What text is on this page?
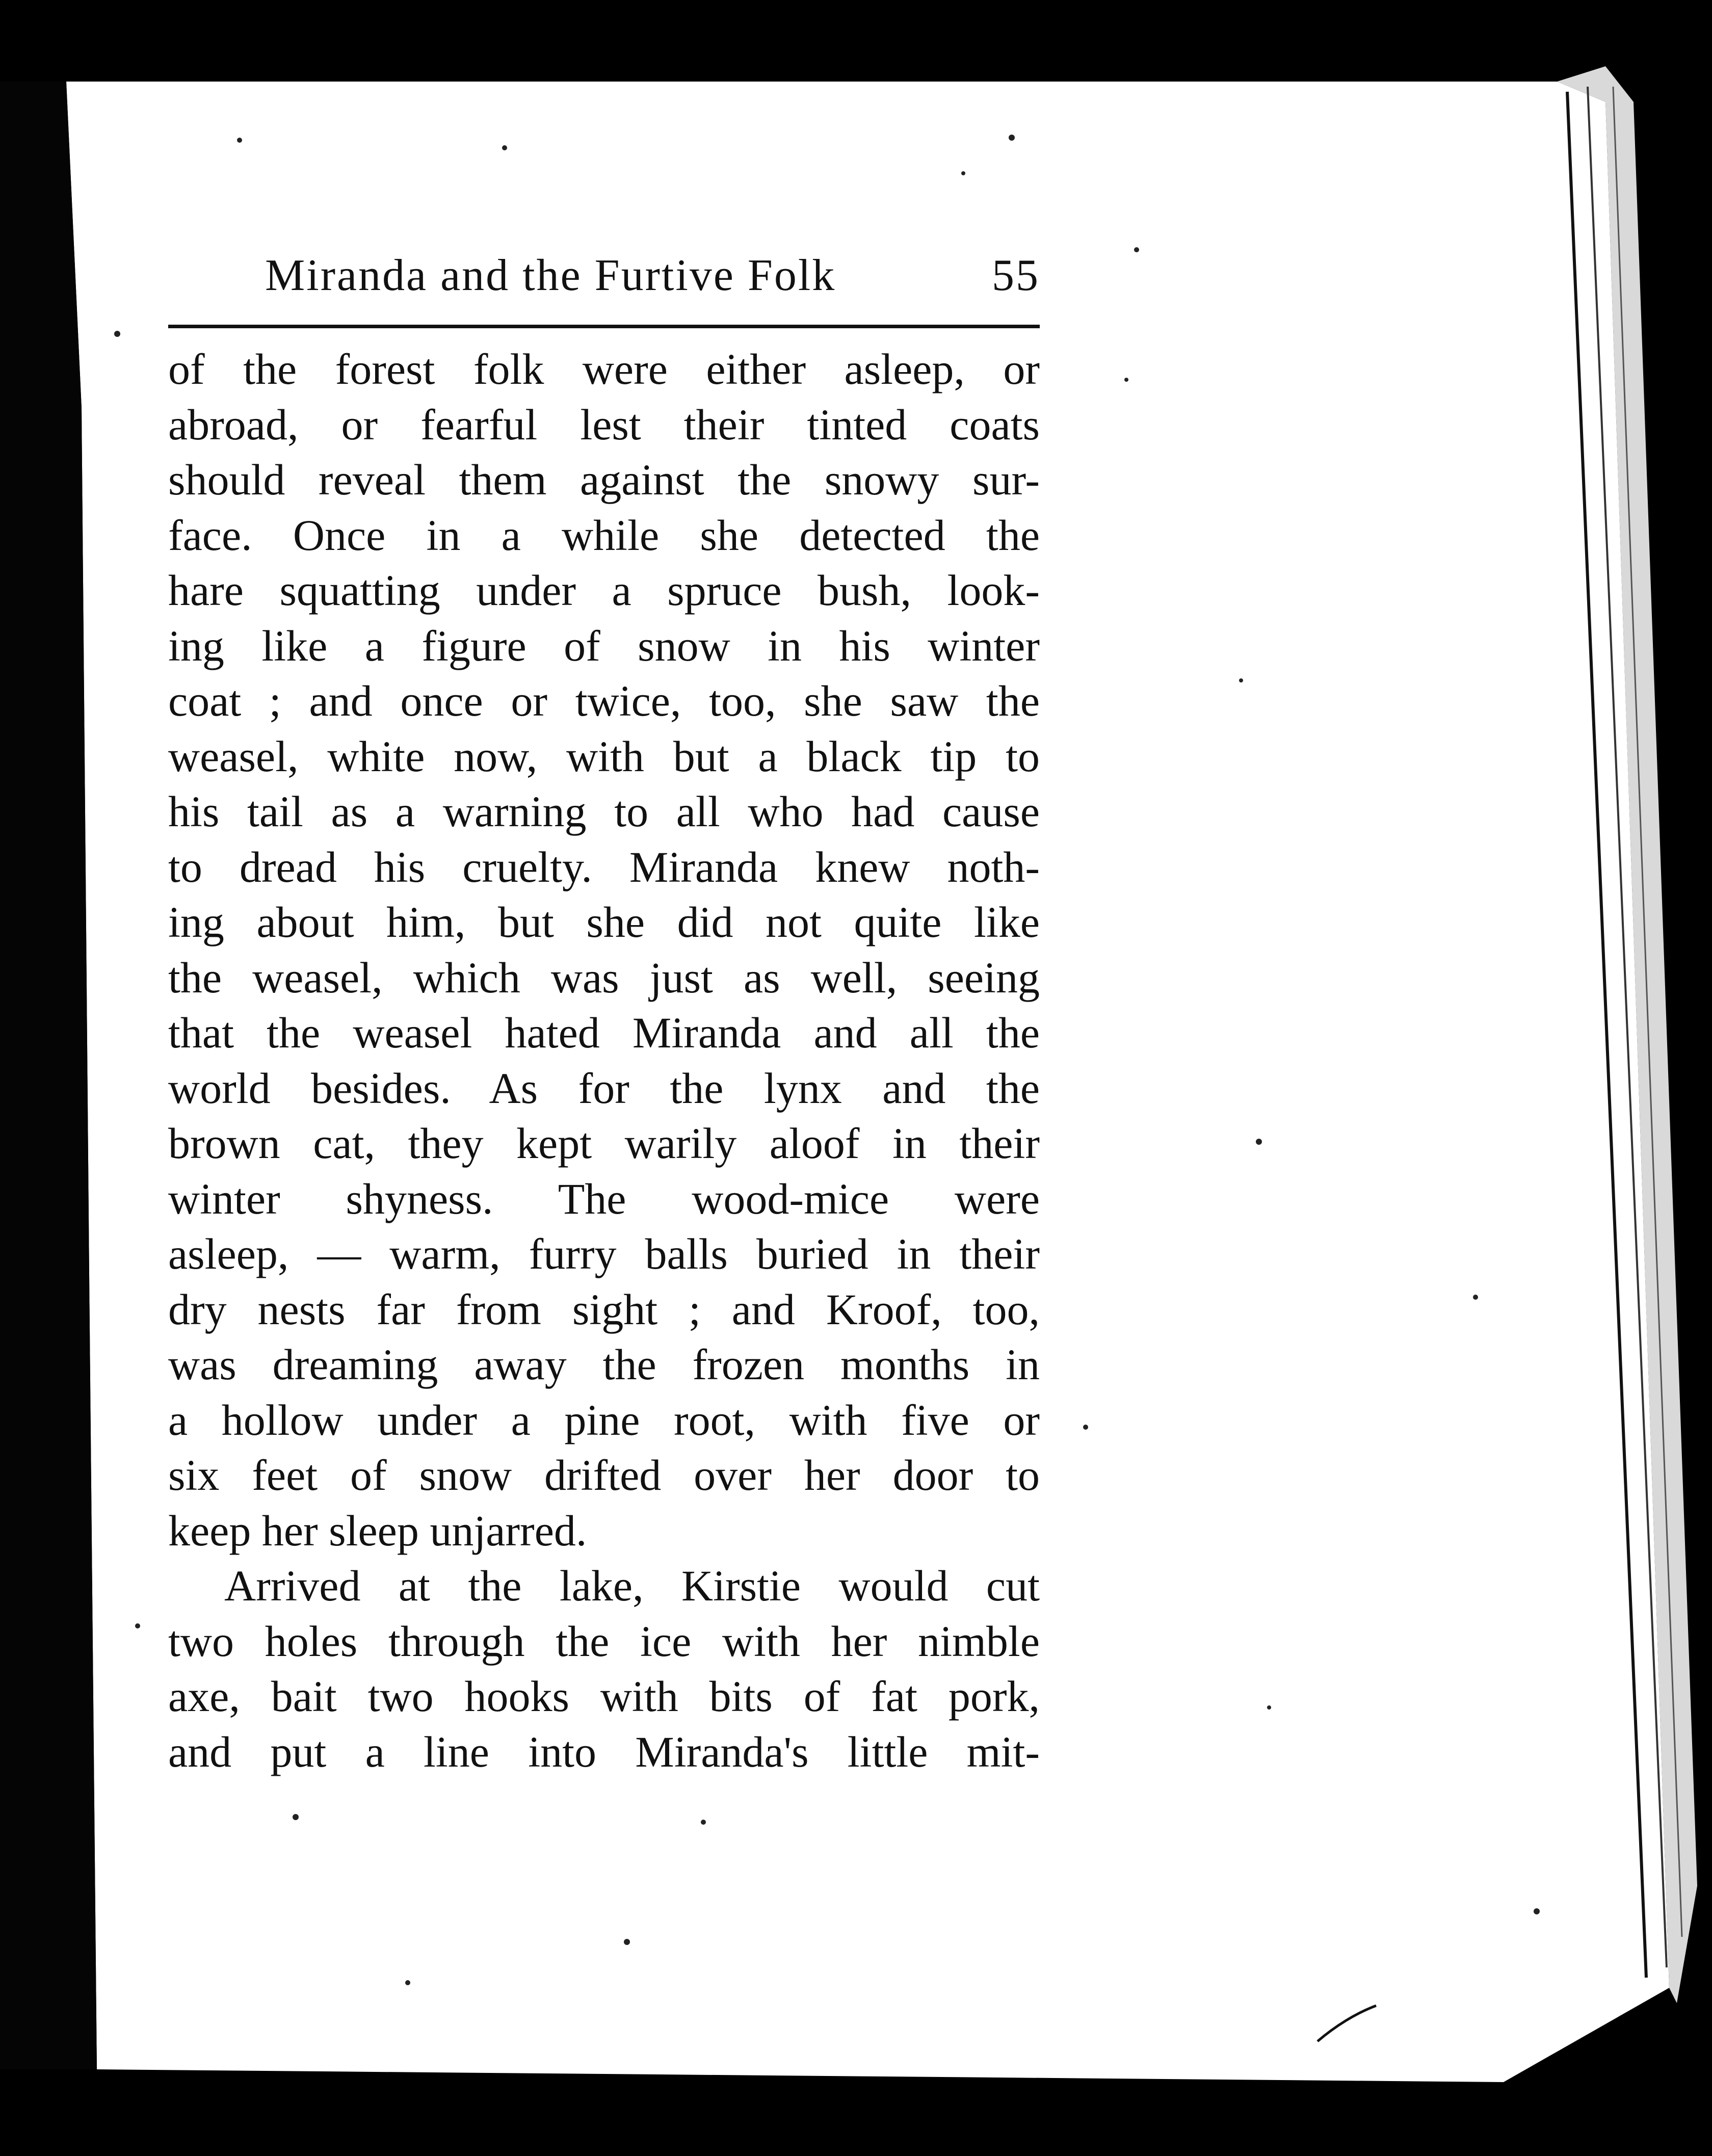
Miranda and the Furtive Folk	55
of the forest folk were either asleep, or
abroad, or fearful lest their tinted coats
should reveal them against the snowy sur-
face. Once in a while she detected the
hare squatting under a spruce bush, look-
ing like a figure of snow in his winter
coat ; and once or twice, too, she saw the
weasel, white now, with but a black tip to
his tail as a warning to all who had cause
to dread his cruelty. Miranda knew noth-
ing about him, but she did not quite like
the weasel, which was just as well, seeing
that the weasel hated Miranda and all the
world besides. As for the lynx and the
brown cat, they kept warily aloof in their
winter shyness. The wood-mice were
asleep, — warm, furry balls buried in their
dry nests far from sight ; and Kroof, too,
was dreaming away the frozen months in
a hollow under a pine root, with five or
six feet of snow drifted over her door to
keep her sleep unjarred.
Arrived at the lake, Kirstie would cut
two holes through the ice with her nimble
axe, bait two hooks with bits of fat pork,
and put a line into Miranda's little mit-
